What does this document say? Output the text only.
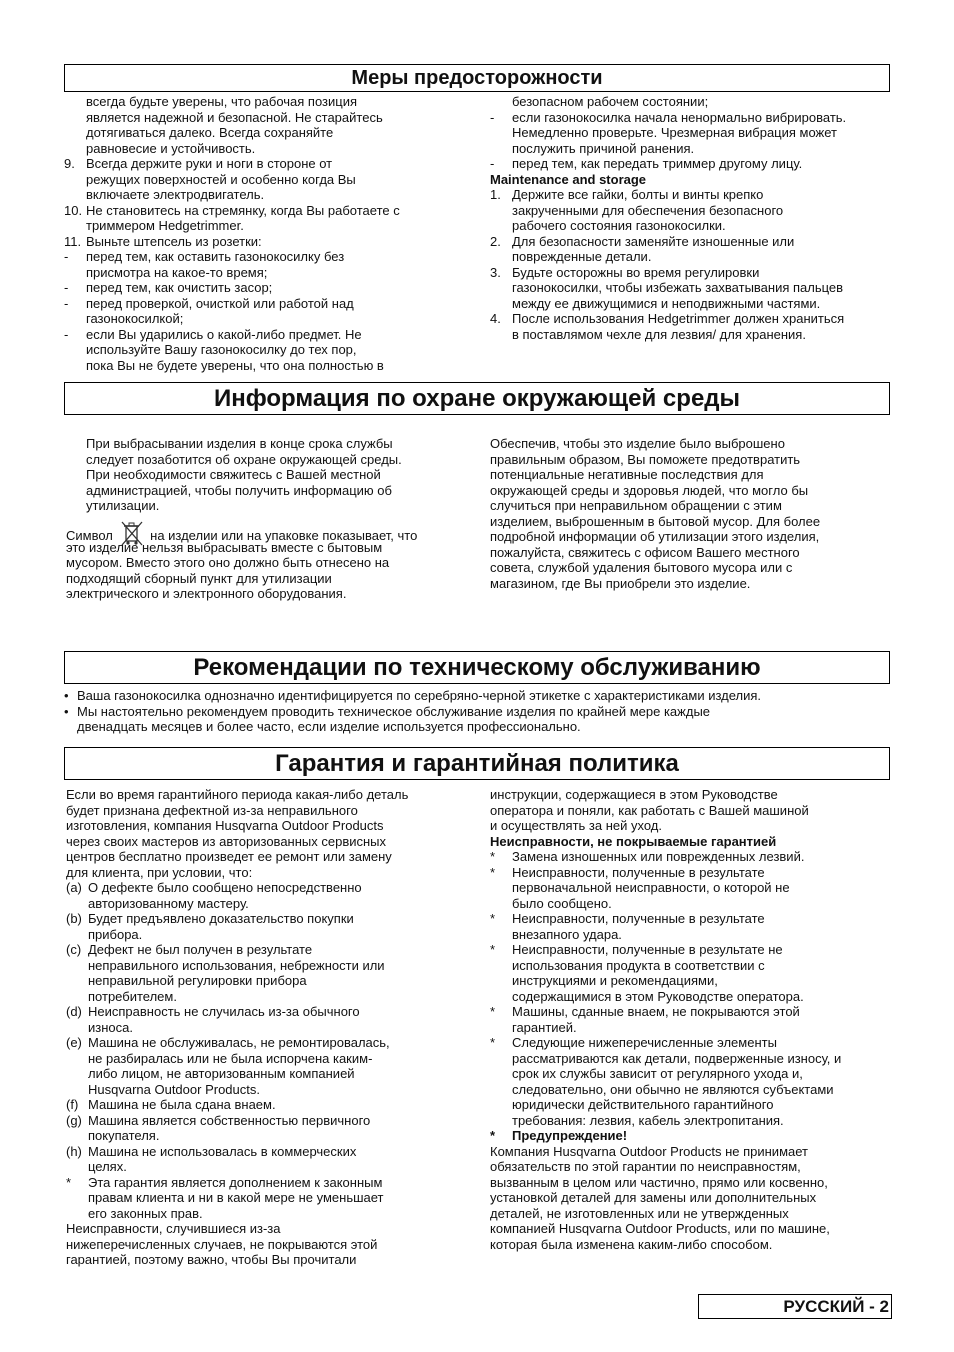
Меры предосторожности
всегда будьте уверены, что рабочая позиция
является надежной и безопасной. Не старайтесь
дотягиваться далеко. Всегда сохраняйте
равновесие и устойчивость.
9. Всегда держите руки и ноги в стороне от
режущих поверхностей и особенно когда Вы
включаете электродвигатель.
10. Не становитесь на стремянку, когда Вы работаете с
триммером Hedgetrimmer.
11. Выньте штепсель из розетки:
- перед тем, как оставить газонокосилку без
присмотра на какое-то время;
- перед тем, как очистить засор;
- перед проверкой, очисткой или работой над
газонокосилкой;
- если Вы ударились о какой-либо предмет. Не
используйте Вашу газонокосилку до тех пор,
пока Вы не будете уверены, что она полностью в
безопасном рабочем состоянии;
- если газонокосилка начала ненормально вибрировать.
Немедленно проверьте. Чрезмерная вибрация может
послужить причиной ранения.
- перед тем, как передать триммер другому лицу.
Maintenance and storage
1. Держите все гайки, болты и винты крепко
закрученными для обеспечения безопасного
рабочего состояния газонокосилки.
2. Для безопасности заменяйте изношенные или
поврежденные детали.
3. Будьте осторожны во время регулировки
газонокосилки, чтобы избежать захватывания пальцев
между ее движущимися и неподвижными частями.
4. После использования Hedgetrimmer должен храниться
в поставлямом чехле для лезвия/ для хранения.
Информация по охране окружающей среды
При выбрасывании изделия в конце срока службы
следует позаботится об охране окружающей среды.
При необходимости свяжитесь с Вашей местной
администрацией, чтобы получить информацию об
утилизации.
Символ	на изделии или на упаковке показывает, что
это изделие нельзя выбрасывать вместе с бытовым
мусором. Вместо этого оно должно быть отнесено на
подходящий сборный пункт для утилизации
электрического и электронного оборудования.
Обеспечив, чтобы это изделие было выброшено
правильным образом, Вы поможете предотвратить
потенциальные негативные последствия для
окружающей среды и здоровья людей, что могло бы
случиться при неправильном обращении с этим
изделием, выброшенным в бытовой мусор. Для более
подробной информации об утилизации этого изделия,
пожалуйста, свяжитесь с офисом Вашего местного
совета, службой удаления бытового мусора или с
магазином, где Вы приобрели это изделие.
Рекомендации по техническому обслуживанию
• Ваша газонокосилка однозначно идентифицируется по серебряно-черной этикетке с характеристиками изделия.
• Мы настоятельно рекомендуем проводить техническое обслуживание изделия по крайней мере каждые
двенадцать месяцев и более часто, если изделие используется профессионально.
Гарантия и гарантийная политика
Если во время гарантийного периода какая-либо деталь
будет признана дефектной из-за неправильного
изготовления, компания Husqvarna Outdoor Products
через своих мастеров из авторизованных сервисных
центров бесплатно произведет ее ремонт или замену
для клиента, при условии, что:
(a) О дефекте было сообщено непосредственно
авторизованному мастеру.
(b) Будет предъявлено доказательство покупки
прибора.
(c) Дефект не был получен в результате
неправильного использования, небрежности или
неправильной регулировки прибора
потребителем.
(d) Неисправность не случилась из-за обычного
износа.
(e) Машина не обслуживалась, не ремонтировалась,
не разбиралась или не была испорчена каким-
либо лицом, не авторизованным компанией
Husqvarna Outdoor Products.
(f) Машина не была сдана внаем.
(g) Машина является собственностью первичного
покупателя.
(h) Машина не использовалась в коммерческих
целях.
* Эта гарантия является дополнением к законным
правам клиента и ни в какой мере не уменьшает
его законных прав.
Неисправности, случившиеся из-за
нижеперечисленных случаев, не покрываются этой
гарантией, поэтому важно, чтобы Вы прочитали
инструкции, содержащиеся в этом Руководстве
оператора и поняли, как работать с Вашей машиной
и осуществлять за ней уход.
Неисправности, не покрываемые гарантией
* Замена изношенных или поврежденных лезвий.
* Неисправности, полученные в результате
первоначальной неисправности, о которой не
было сообщено.
* Неисправности, полученные в результате
внезапного удара.
* Неисправности, полученные в результате не
использования продукта в соответствии с
инструкциями и рекомендациями,
содержащимися в этом Руководстве оператора.
* Машины, сданные внаем, не покрываются этой
гарантией.
* Следующие нижеперечисленные элементы
рассматриваются как детали, подверженные износу, и
срок их службы зависит от регулярного ухода и,
следовательно, они обычно не являются субъектами
юридически действительного гарантийного
требования: лезвия, кабель электропитания.
* Предупреждение!
Компания Husqvarna Outdoor Products не принимает
обязательств по этой гарантии по неисправностям,
вызванным в целом или частично, прямо или косвенно,
установкой деталей для замены или дополнительных
деталей, не изготовленных или не утвержденных
компанией Husqvarna Outdoor Products, или по машине,
которая была изменена каким-либо способом.
РУССКИЙ - 2
